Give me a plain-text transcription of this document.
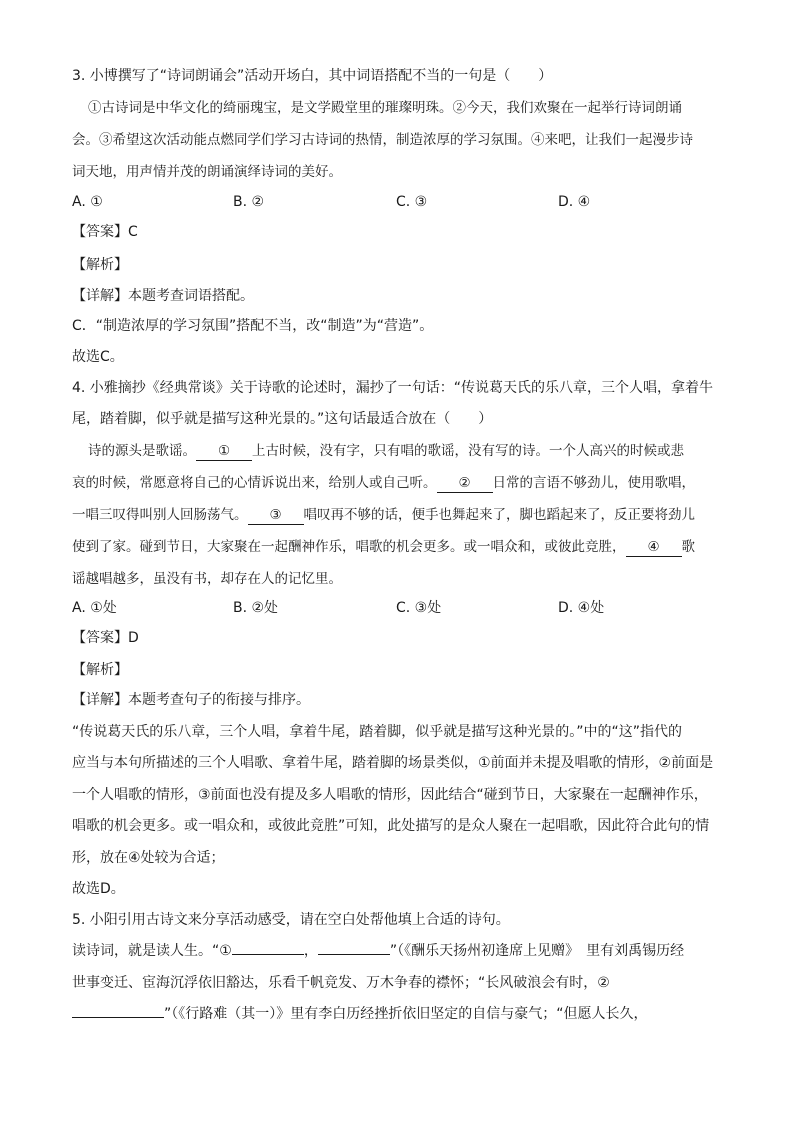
3. 小博撰写了“诗词朗诵会”活动开场白，其中词语搭配不当的一句是（　　）
①古诗词是中华文化的绮丽瑰宝，是文学殿堂里的璀璨明珠。②今天，我们欢聚在一起举行诗词朗诵
会。③希望这次活动能点燃同学们学习古诗词的热情，制造浓厚的学习氛围。④来吧，让我们一起漫步诗
词天地，用声情并茂的朗诵演绎诗词的美好。
A. ①	B. ②	C. ③	D. ④
【答案】C
【解析】
【详解】本题考查词语搭配。
C．“制造浓厚的学习氛围”搭配不当，改“制造”为“营造”。
故选C。
4. 小雅摘抄《经典常谈》关于诗歌的论述时，漏抄了一句话：“传说葛天氏的乐八章，三个人唱，拿着牛
尾，踏着脚，似乎就是描写这种光景的。”这句话最适合放在（　　）
诗的源头是歌谣。 ① 上古时候，没有字，只有唱的歌谣，没有写的诗。一个人高兴的时候或悲
哀的时候，常愿意将自己的心情诉说出来，给别人或自己听。 ② 日常的言语不够劲儿，使用歌唱，
一唱三叹得叫别人回肠荡气。 ③ 唱叹再不够的话，便手也舞起来了，脚也蹈起来了，反正要将劲儿
使到了家。碰到节日，大家聚在一起酬神作乐，唱歌的机会更多。或一唱众和，或彼此竞胜， ④ 歌
谣越唱越多，虽没有书，却存在人的记忆里。
A. ①处	B. ②处	C. ③处	D. ④处
【答案】D
【解析】
【详解】本题考查句子的衔接与排序。
“传说葛天氏的乐八章，三个人唱，拿着牛尾，踏着脚，似乎就是描写这种光景的。”中的“这”指代的
应当与本句所描述的三个人唱歌、拿着牛尾，踏着脚的场景类似，①前面并未提及唱歌的情形，②前面是
一个人唱歌的情形，③前面也没有提及多人唱歌的情形，因此结合“碰到节日，大家聚在一起酬神作乐，
唱歌的机会更多。或一唱众和，或彼此竞胜”可知，此处描写的是众人聚在一起唱歌，因此符合此句的情
形，放在④处较为合适；
故选D。
5. 小阳引用古诗文来分享活动感受，请在空白处帮他填上合适的诗句。
读诗词，就是读人生。“①	，	”（《酬乐天扬州初逢席上见赠》　里有刘禹锡历经
世事变迁、宦海沉浮依旧豁达，乐看千帆竞发、万木争春的襟怀；“长风破浪会有时，②
”（《行路难（其一）》里有李白历经挫折依旧坚定的自信与豪气；“但愿人长久，
